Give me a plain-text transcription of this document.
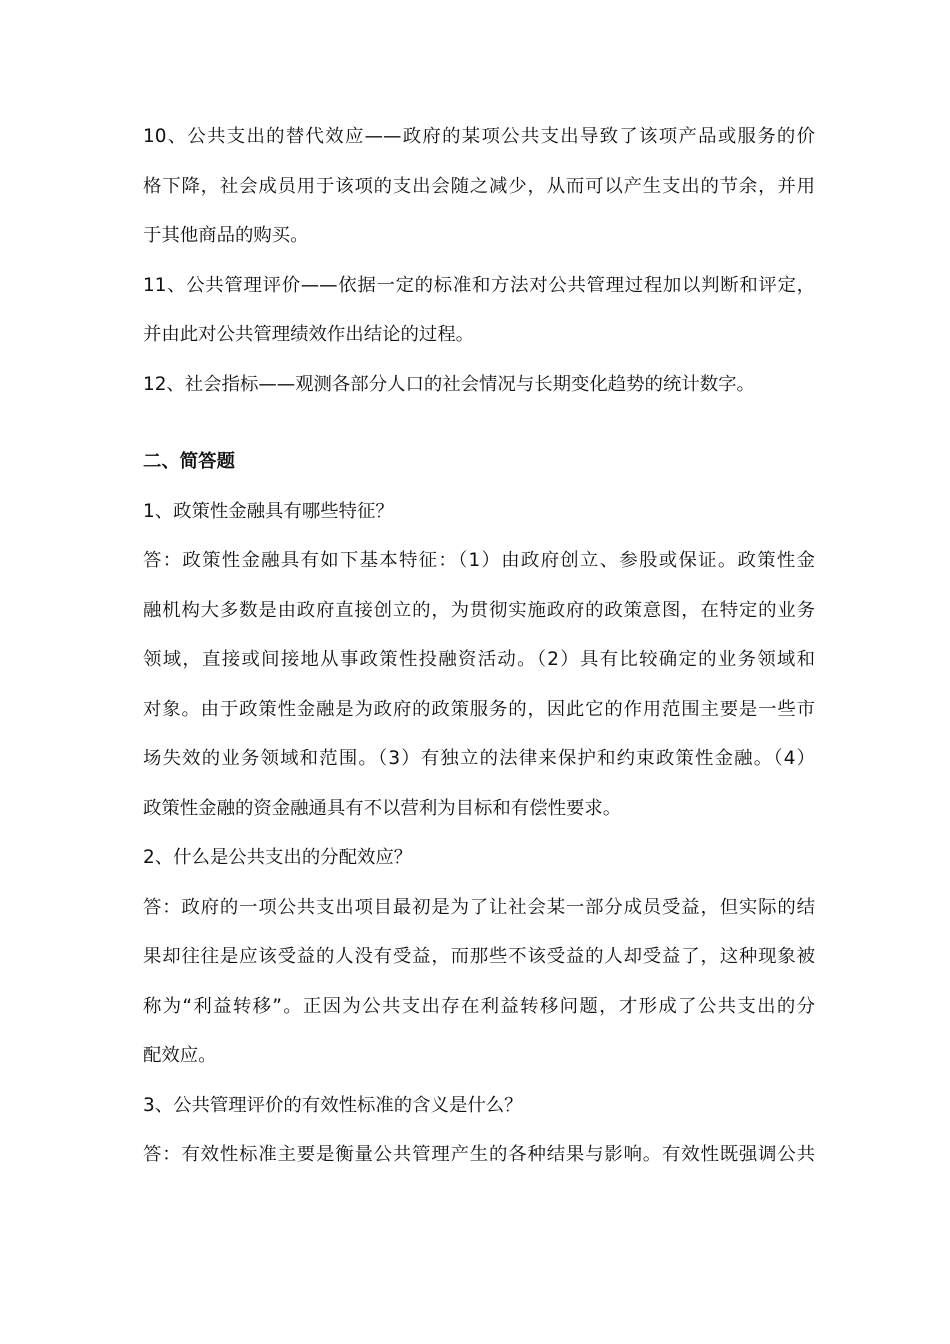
10、公共支出的替代效应——政府的某项公共支出导致了该项产品或服务的价
格下降，社会成员用于该项的支出会随之减少，从而可以产生支出的节余，并用
于其他商品的购买。
11、公共管理评价——依据一定的标准和方法对公共管理过程加以判断和评定，
并由此对公共管理绩效作出结论的过程。
12、社会指标——观测各部分人口的社会情况与长期变化趋势的统计数字。
二、简答题
1、政策性金融具有哪些特征？
答：政策性金融具有如下基本特征：（1）由政府创立、参股或保证。政策性金
融机构大多数是由政府直接创立的，为贯彻实施政府的政策意图，在特定的业务
领域，直接或间接地从事政策性投融资活动。（2）具有比较确定的业务领域和
对象。由于政策性金融是为政府的政策服务的，因此它的作用范围主要是一些市
场失效的业务领域和范围。（3）有独立的法律来保护和约束政策性金融。（4）
政策性金融的资金融通具有不以营利为目标和有偿性要求。
2、什么是公共支出的分配效应？
答：政府的一项公共支出项目最初是为了让社会某一部分成员受益，但实际的结
果却往往是应该受益的人没有受益，而那些不该受益的人却受益了，这种现象被
称为“利益转移”。正因为公共支出存在利益转移问题，才形成了公共支出的分
配效应。
3、公共管理评价的有效性标准的含义是什么？
答：有效性标准主要是衡量公共管理产生的各种结果与影响。有效性既强调公共
